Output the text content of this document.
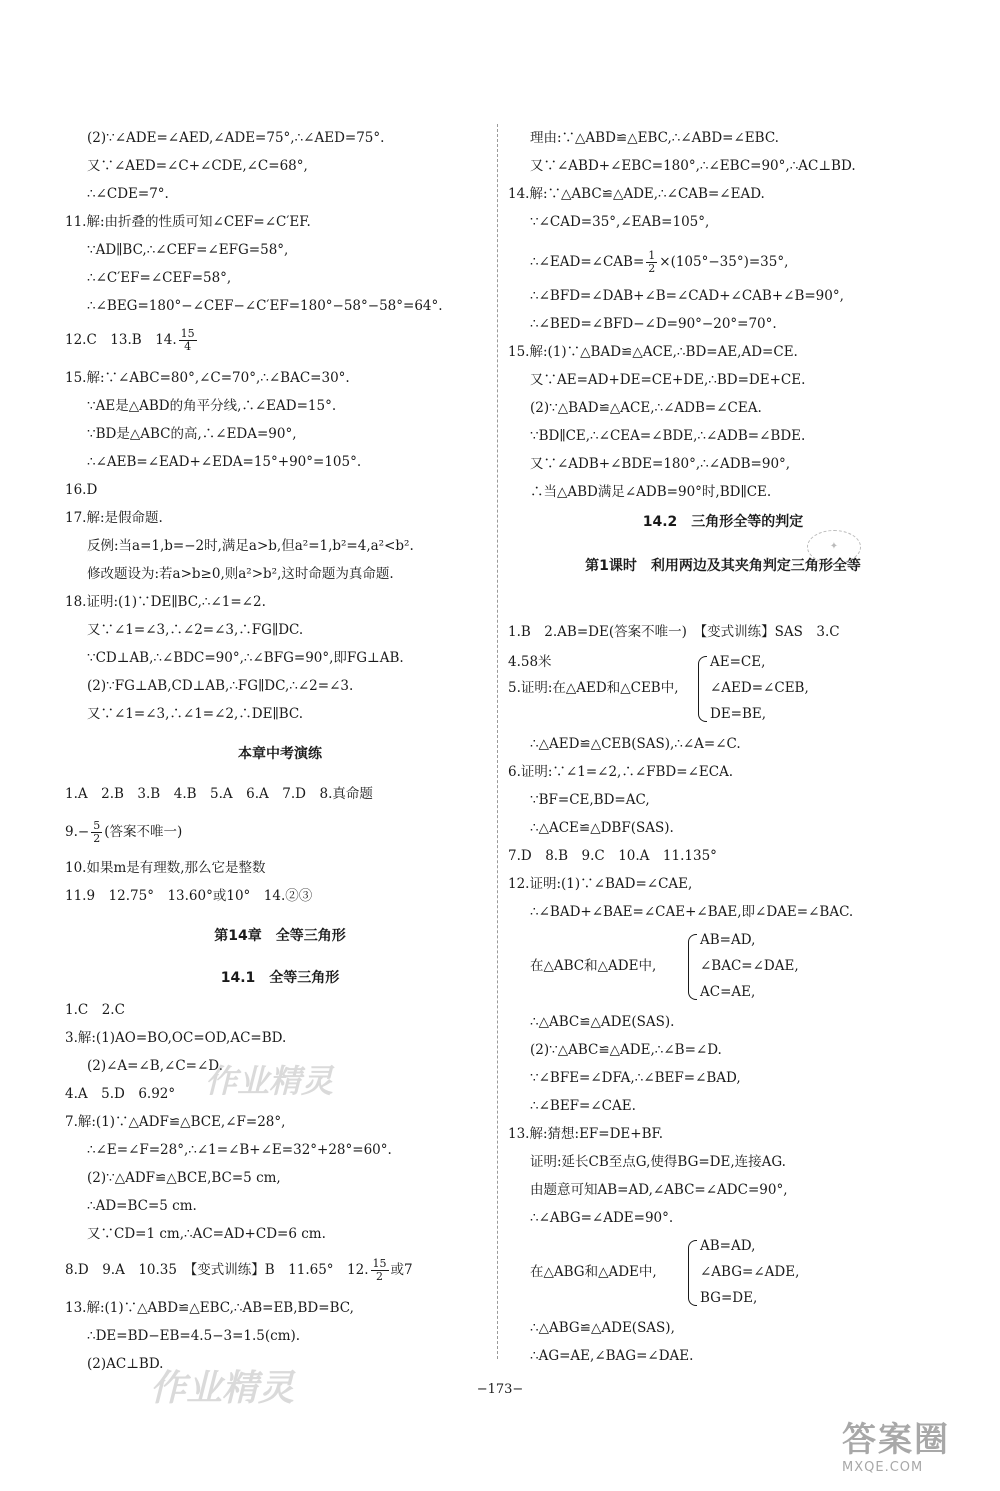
(2)∵∠ADE=∠AED,∠ADE=75°,∴∠AED=75°.
又∵∠AED=∠C+∠CDE,∠C=68°,
∴∠CDE=7°.
11.解:由折叠的性质可知∠CEF=∠C′EF.
∵AD∥BC,∴∠CEF=∠EFG=58°,
∴∠C′EF=∠CEF=58°,
∴∠BEG=180°−∠CEF−∠C′EF=180°−58°−58°=64°.
12.C　13.B　14. $\frac{15}{4}$
15.解:∵∠ABC=80°,∠C=70°,∴∠BAC=30°.
∵AE是△ABD的角平分线,∴∠EAD=15°.
∵BD是△ABC的高,∴∠EDA=90°,
∴∠AEB=∠EAD+∠EDA=15°+90°=105°.
16.D
17.解:是假命题.
反例:当a=1,b=−2时,满足a>b,但a²=1,b²=4,a²<b².
修改题设为:若a>b≥0,则a²>b²,这时命题为真命题.
18.证明:(1)∵DE∥BC,∴∠1=∠2.
又∵∠1=∠3,∴∠2=∠3,∴FG∥DC.
∵CD⊥AB,∴∠BDC=90°,∴∠BFG=90°,即FG⊥AB.
(2)∵FG⊥AB,CD⊥AB,∴FG∥DC,∴∠2=∠3.
又∵∠1=∠3,∴∠1=∠2,∴DE∥BC.
本章中考演练
1.A　2.B　3.B　4.B　5.A　6.A　7.D　8.真命题
$9.- \frac{5}{2}$ (答案不唯一)
10.如果m是有理数,那么它是整数
11.9　12.75°　13.60°或10°　14.②③
第14章　全等三角形
14.1　全等三角形
1.C　2.C
3.解:(1)AO=BO,OC=OD,AC=BD.
(2)∠A=∠B,∠C=∠D.
4.A　5.D　6.92°
7.解:(1)∵△ADF≌△BCE,∠F=28°,
∴∠E=∠F=28°,∴∠1=∠B+∠E=32°+28°=60°.
(2)∵△ADF≌△BCE,BC=5 cm,
∴AD=BC=5 cm.
又∵CD=1 cm,∴AC=AD+CD=6 cm.
8.D　9.A　10.35　【变式训练】B　11.65°　12. $\frac{15}{2}$ 或7
13.解:(1)∵△ABD≌△EBC,∴AB=EB,BD=BC,
∴DE=BD−EB=4.5−3=1.5(cm).
(2)AC⊥BD.
理由:∵△ABD≌△EBC,∴∠ABD=∠EBC.
又∵∠ABD+∠EBC=180°,∴∠EBC=90°,∴AC⊥BD.
14.解:∵△ABC≌△ADE,∴∠CAB=∠EAD.
∵∠CAD=35°,∠EAB=105°,
∴∠EAD=∠CAB= $\frac{1}{2} \times(105^\circ-35^\circ)=35^\circ$,
∴∠BFD=∠DAB+∠B=∠CAD+∠CAB+∠B=90°,
∴∠BED=∠BFD−∠D=90°−20°=70°.
15.解:(1)∵△BAD≌△ACE,∴BD=AE,AD=CE.
又∵AE=AD+DE=CE+DE,∴BD=DE+CE.
(2)∵△BAD≌△ACE,∴∠ADB=∠CEA.
∵BD∥CE,∴∠CEA=∠BDE,∴∠ADB=∠BDE.
又∵∠ADB+∠BDE=180°,∴∠ADB=90°,
∴当△ABD满足∠ADB=90°时,BD∥CE.
14.2　三角形全等的判定
第1课时　利用两边及其夹角判定三角形全等
1.B　2.AB=DE(答案不唯一)　【变式训练】SAS　3.C
4.58米
5.证明:在△AED和△CEB中,
AE=CE,
∠AED=∠CEB,
DE=BE,
∴△AED≌△CEB(SAS),∴∠A=∠C.
6.证明:∵∠1=∠2,∴∠FBD=∠ECA.
∵BF=CE,BD=AC,
∴△ACE≌△DBF(SAS).
7.D　8.B　9.C　10.A　11.135°
12.证明:(1)∵∠BAD=∠CAE,
∴∠BAD+∠BAE=∠CAE+∠BAE,即∠DAE=∠BAC.
在△ABC和△ADE中,
AB=AD,
∠BAC=∠DAE,
AC=AE,
∴△ABC≌△ADE(SAS).
(2)∵△ABC≌△ADE,∴∠B=∠D.
∵∠BFE=∠DFA,∴∠BEF=∠BAD,
∴∠BEF=∠CAE.
13.解:猜想:EF=DE+BF.
证明:延长CB至点G,使得BG=DE,连接AG.
由题意可知AB=AD,∠ABC=∠ADC=90°,
∴∠ABG=∠ADE=90°.
在△ABG和△ADE中,
AB=AD,
∠ABG=∠ADE,
BG=DE,
∴△ABG≌△ADE(SAS),
∴AG=AE,∠BAG=∠DAE.
−173−
作业精灵
作业精灵
✦
答案圈
MXQE.COM
